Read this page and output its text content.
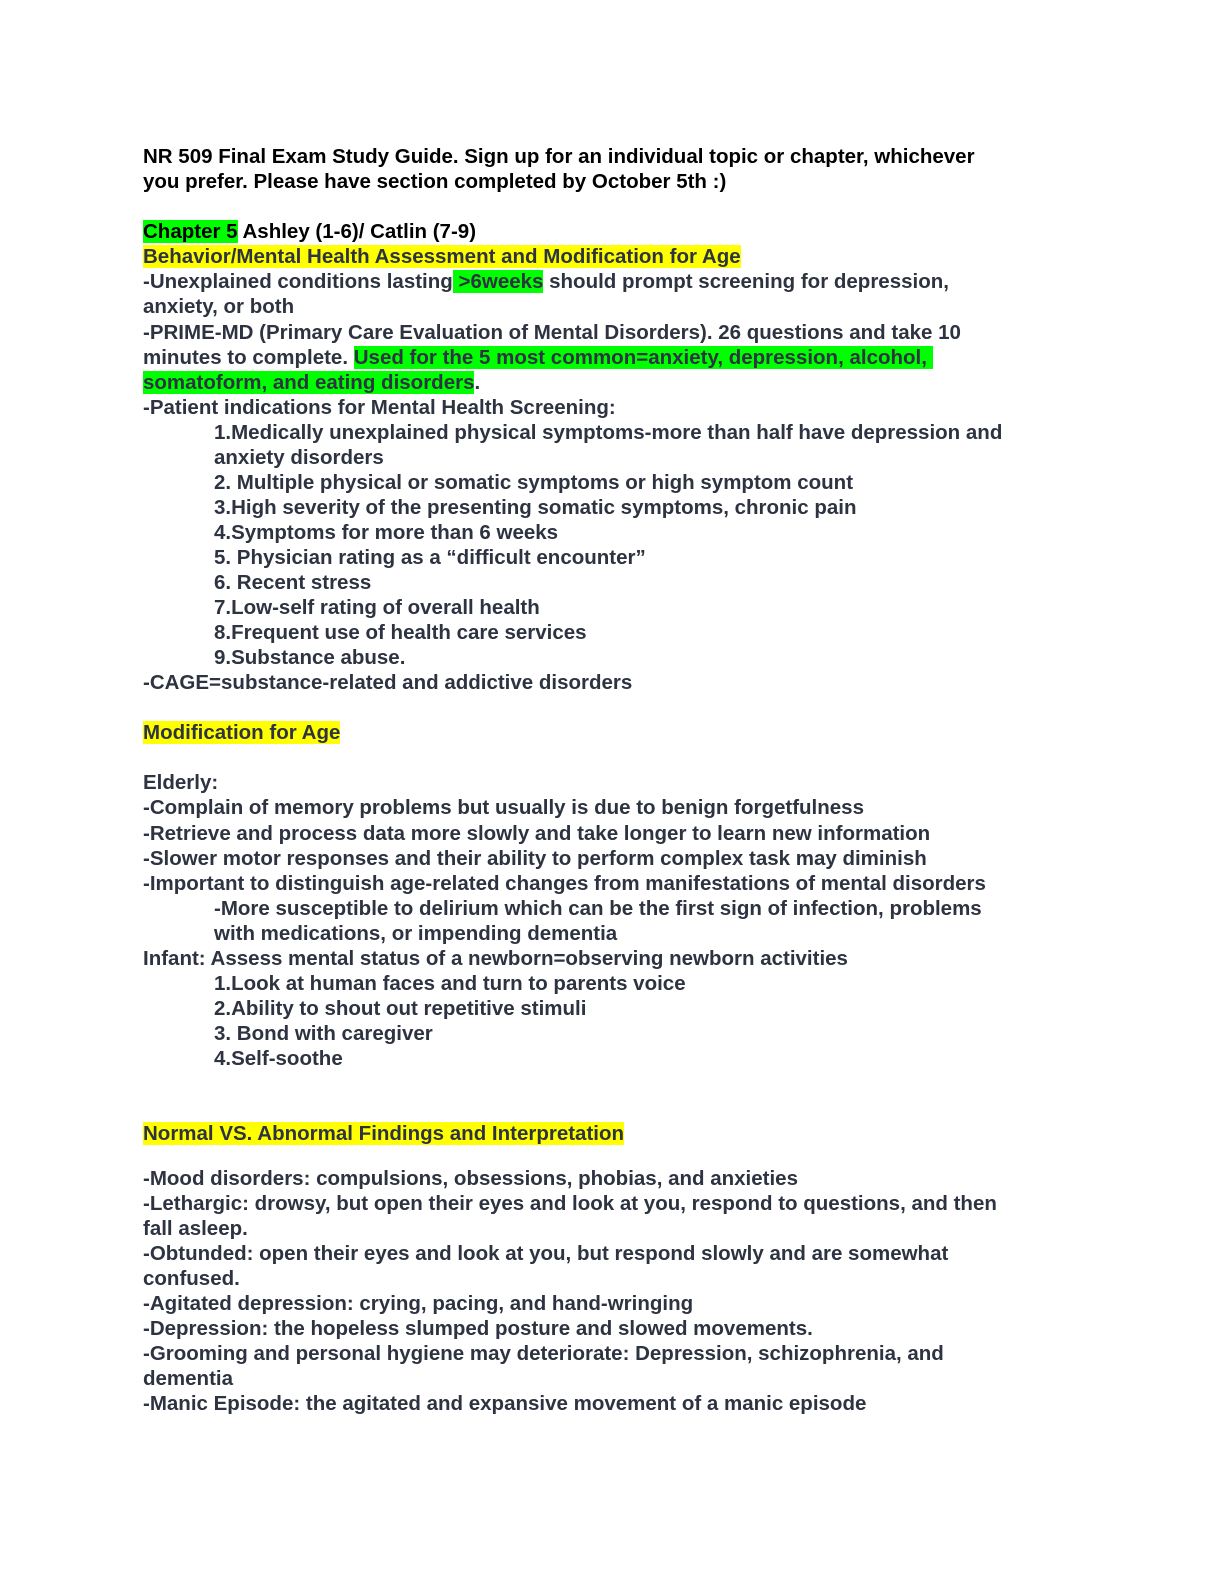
NR 509 Final Exam Study Guide. Sign up for an individual topic or chapter, whichever

you prefer. Please have section completed by October 5th :)

Chapter 5 Ashley (1-6)/ Catlin (7-9)

Behavior/Mental Health Assessment and Modification for Age

-Unexplained conditions lasting >6weeks should prompt screening for depression,

anxiety, or both

-PRIME-MD (Primary Care Evaluation of Mental Disorders). 26 questions and take 10

minutes to complete. Used for the 5 most common=anxiety, depression, alcohol,

somatoform, and eating disorders.

-Patient indications for Mental Health Screening:

1.Medically unexplained physical symptoms-more than half have depression and

anxiety disorders

2. Multiple physical or somatic symptoms or high symptom count

3.High severity of the presenting somatic symptoms, chronic pain

4.Symptoms for more than 6 weeks

5. Physician rating as a “difficult encounter”

6. Recent stress

7.Low-self rating of overall health

8.Frequent use of health care services

9.Substance abuse.

-CAGE=substance-related and addictive disorders

Modification for Age

Elderly:

-Complain of memory problems but usually is due to benign forgetfulness

-Retrieve and process data more slowly and take longer to learn new information

-Slower motor responses and their ability to perform complex task may diminish

-Important to distinguish age-related changes from manifestations of mental disorders

-More susceptible to delirium which can be the first sign of infection, problems

with medications, or impending dementia

Infant: Assess mental status of a newborn=observing newborn activities

1.Look at human faces and turn to parents voice

2.Ability to shout out repetitive stimuli

3. Bond with caregiver

4.Self-soothe

Normal VS. Abnormal Findings and Interpretation

-Mood disorders: compulsions, obsessions, phobias, and anxieties

-Lethargic: drowsy, but open their eyes and look at you, respond to questions, and then

fall asleep.

-Obtunded: open their eyes and look at you, but respond slowly and are somewhat

confused.

-Agitated depression: crying, pacing, and hand-wringing

-Depression: the hopeless slumped posture and slowed movements.

-Grooming and personal hygiene may deteriorate: Depression, schizophrenia, and

dementia

-Manic Episode: the agitated and expansive movement of a manic episode
